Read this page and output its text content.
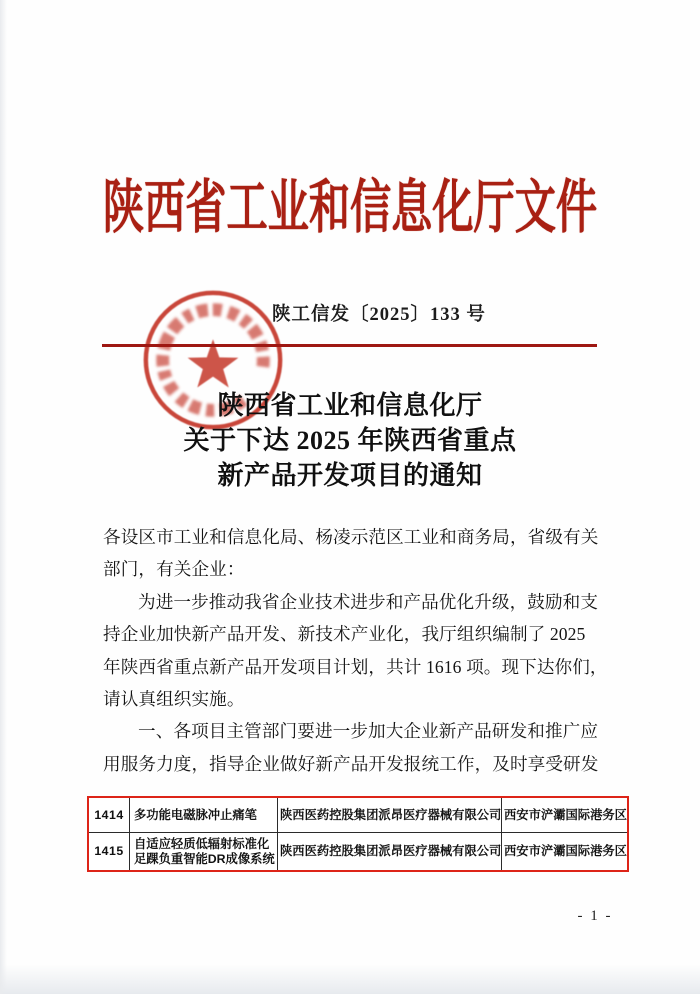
陕西省工业和信息化厅文件
陕工信发〔2025〕133 号
陕西省工业和信息化厅
关于下达 2025 年陕西省重点
新产品开发项目的通知
各设区市工业和信息化局、杨凌示范区工业和商务局，省级有关
部门，有关企业：
为进一步推动我省企业技术进步和产品优化升级，鼓励和支
持企业加快新产品开发、新技术产业化，我厅组织编制了 2025
年陕西省重点新产品开发项目计划，共计 1616 项。现下达你们，
请认真组织实施。
一、各项目主管部门要进一步加大企业新产品研发和推广应
用服务力度，指导企业做好新产品开发报统工作，及时享受研发
1414 多功能电磁脉冲止痛笔	陕西医药控股集团派昂医疗器械有限公司 西安市浐灞国际港务区
1415
自适应轻质低辐射标准化
足踝负重智能DR成像系统
陕西医药控股集团派昂医疗器械有限公司 西安市浐灞国际港务区
- 1 -
